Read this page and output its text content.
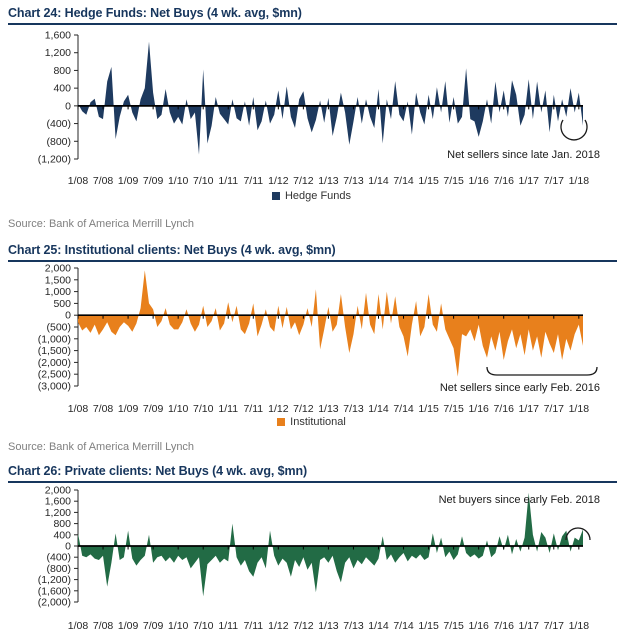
Chart 24: Hedge Funds: Net Buys (4 wk. avg, $mn)
1,600
1,200
800
400
0
(400)
(800)
(1,200)
1/08 7/08 1/09 7/09 1/10 7/10 1/11 7/11 1/12 7/12 1/13 7/13 1/14 7/14 1/15 7/15 1/16 7/16 1/17 7/17 1/18
Net sellers since late Jan. 2018
Hedge Funds
Source: Bank of America Merrill Lynch
Chart 25: Institutional clients: Net Buys (4 wk. avg, $mn)
2,000
1,500
1,000
500
0
(500)
(1,000)
(1,500)
(2,000)
(2,500)
(3,000)
1/08 7/08 1/09 7/09 1/10 7/10 1/11 7/11 1/12 7/12 1/13 7/13 1/14 7/14 1/15 7/15 1/16 7/16 1/17 7/17 1/18
Net sellers since early Feb. 2016
Institutional
Source: Bank of America Merrill Lynch
Chart 26: Private clients: Net Buys (4 wk. avg, $mn)
2,000
1,600
1,200
800
400
0
(400)
(800)
(1,200)
(1,600)
(2,000)
1/08 7/08 1/09 7/09 1/10 7/10 1/11 7/11 1/12 7/12 1/13 7/13 1/14 7/14 1/15 7/15 1/16 7/16 1/17 7/17 1/18
Net buyers since early Feb. 2018
